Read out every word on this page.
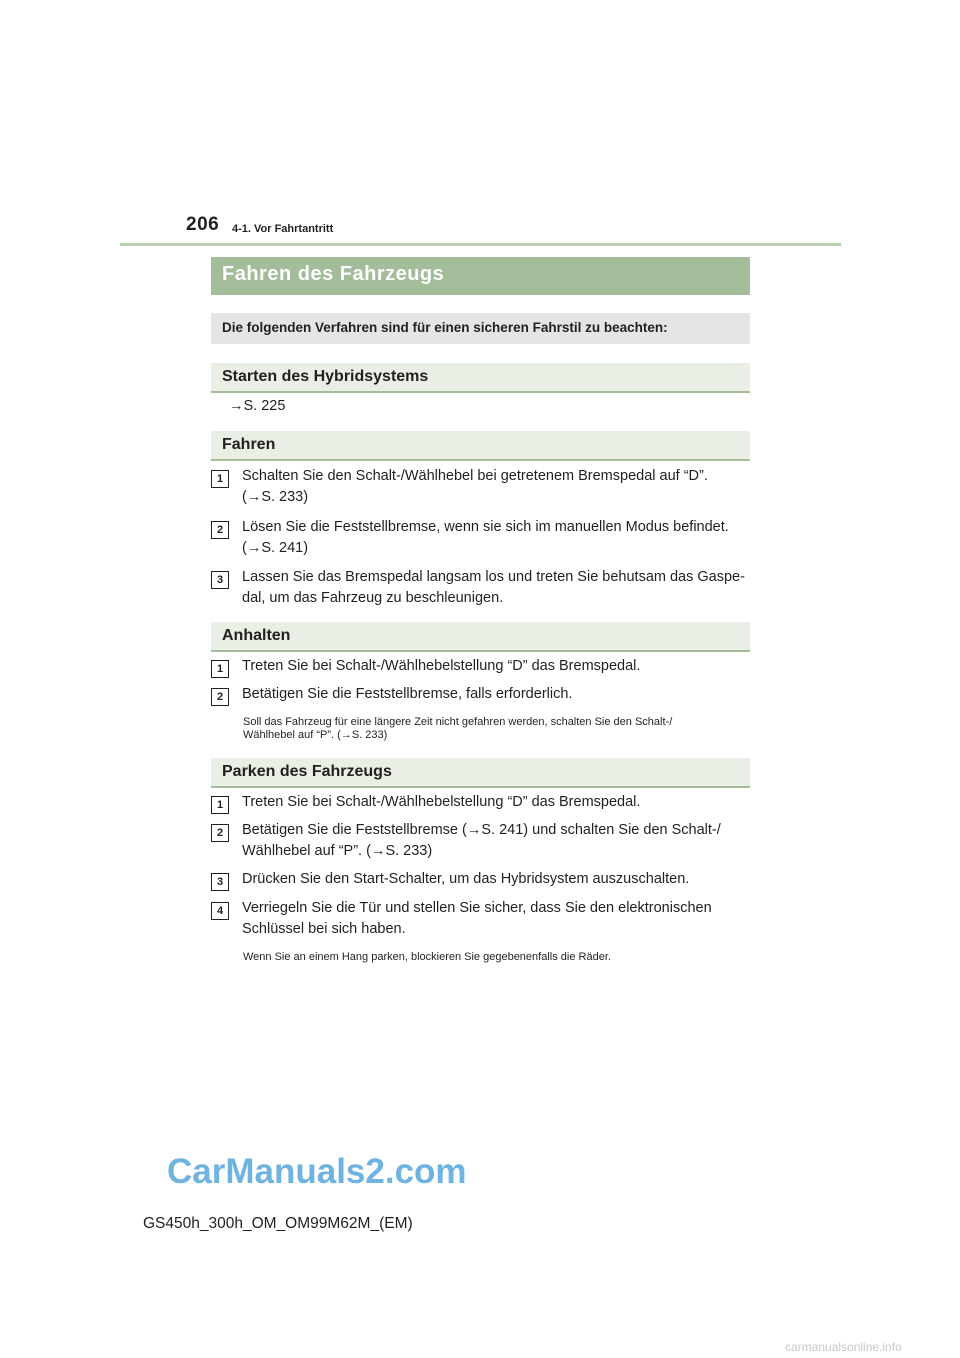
206 4-1. Vor Fahrtantritt
Fahren des Fahrzeugs
Die folgenden Verfahren sind für einen sicheren Fahrstil zu beachten:
Starten des Hybridsystems
→S. 225
Fahren
1	Schalten Sie den Schalt-/Wählhebel bei getretenem Bremspedal auf “D”.
(→S. 233)
2	Lösen Sie die Feststellbremse, wenn sie sich im manuellen Modus befindet.
(→S. 241)
3	Lassen Sie das Bremspedal langsam los und treten Sie behutsam das Gaspe-
dal, um das Fahrzeug zu beschleunigen.
Anhalten
1	Treten Sie bei Schalt-/Wählhebelstellung “D” das Bremspedal.
2	Betätigen Sie die Feststellbremse, falls erforderlich.
Soll das Fahrzeug für eine längere Zeit nicht gefahren werden, schalten Sie den Schalt-/
Wählhebel auf “P”. (→S. 233)
Parken des Fahrzeugs
1	Treten Sie bei Schalt-/Wählhebelstellung “D” das Bremspedal.
2	Betätigen Sie die Feststellbremse (→S. 241) und schalten Sie den Schalt-/
Wählhebel auf “P”. (→S. 233)
3	Drücken Sie den Start-Schalter, um das Hybridsystem auszuschalten.
4	Verriegeln Sie die Tür und stellen Sie sicher, dass Sie den elektronischen
Schlüssel bei sich haben.
Wenn Sie an einem Hang parken, blockieren Sie gegebenenfalls die Räder.
CarManuals2.com
GS450h_300h_OM_OM99M62M_(EM)
carmanualsonline.info
